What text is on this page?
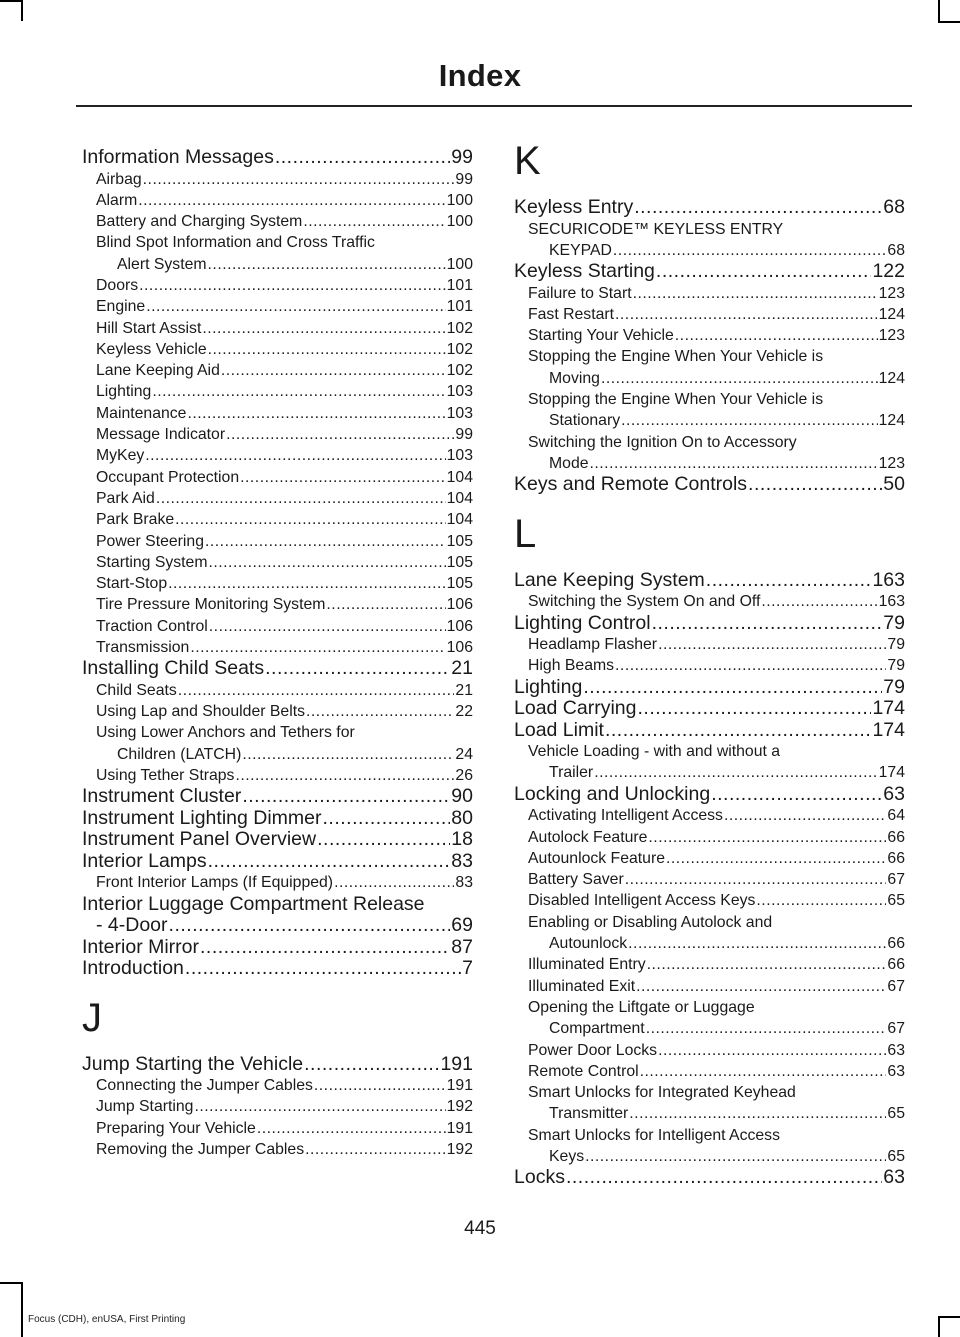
Index
Information Messages .....	99
Airbag .....	99
Alarm .....	100
Battery and Charging System .....	100
Blind Spot Information and Cross Traffic
Alert System .....	100
Doors .....	101
Engine .....	101
Hill Start Assist .....	102
Keyless Vehicle .....	102
Lane Keeping Aid .....	102
Lighting .....	103
Maintenance .....	103
Message Indicator .....	99
MyKey .....	103
Occupant Protection .....	104
Park Aid .....	104
Park Brake .....	104
Power Steering .....	105
Starting System .....	105
Start-Stop .....	105
Tire Pressure Monitoring System .....	106
Traction Control .....	106
Transmission .....	106
Installing Child Seats .....	21
Child Seats .....	21
Using Lap and Shoulder Belts .....	22
Using Lower Anchors and Tethers for
Children (LATCH) .....	24
Using Tether Straps .....	26
Instrument Cluster .....	90
Instrument Lighting Dimmer .....	80
Instrument Panel Overview .....	18
Interior Lamps .....	83
Front Interior Lamps (If Equipped) .....	83
Interior Luggage Compartment Release
- 4-Door .....	69
Interior Mirror .....	87
Introduction .....	7
J
Jump Starting the Vehicle .....	191
Connecting the Jumper Cables .....	191
Jump Starting .....	192
Preparing Your Vehicle .....	191
Removing the Jumper Cables .....	192
K
Keyless Entry .....	68
SECURICODE™ KEYLESS ENTRY
KEYPAD .....	68
Keyless Starting .....	122
Failure to Start .....	123
Fast Restart .....	124
Starting Your Vehicle .....	123
Stopping the Engine When Your Vehicle is
Moving .....	124
Stopping the Engine When Your Vehicle is
Stationary .....	124
Switching the Ignition On to Accessory
Mode .....	123
Keys and Remote Controls .....	50
L
Lane Keeping System .....	163
Switching the System On and Off .....	163
Lighting Control .....	79
Headlamp Flasher .....	79
High Beams .....	79
Lighting .....	79
Load Carrying .....	174
Load Limit .....	174
Vehicle Loading - with and without a
Trailer .....	174
Locking and Unlocking .....	63
Activating Intelligent Access .....	64
Autolock Feature .....	66
Autounlock Feature .....	66
Battery Saver .....	67
Disabled Intelligent Access Keys .....	65
Enabling or Disabling Autolock and
Autounlock .....	66
Illuminated Entry .....	66
Illuminated Exit .....	67
Opening the Liftgate or Luggage
Compartment .....	67
Power Door Locks .....	63
Remote Control .....	63
Smart Unlocks for Integrated Keyhead
Transmitter .....	65
Smart Unlocks for Intelligent Access
Keys .....	65
Locks .....	63
445
Focus (CDH), enUSA, First Printing
